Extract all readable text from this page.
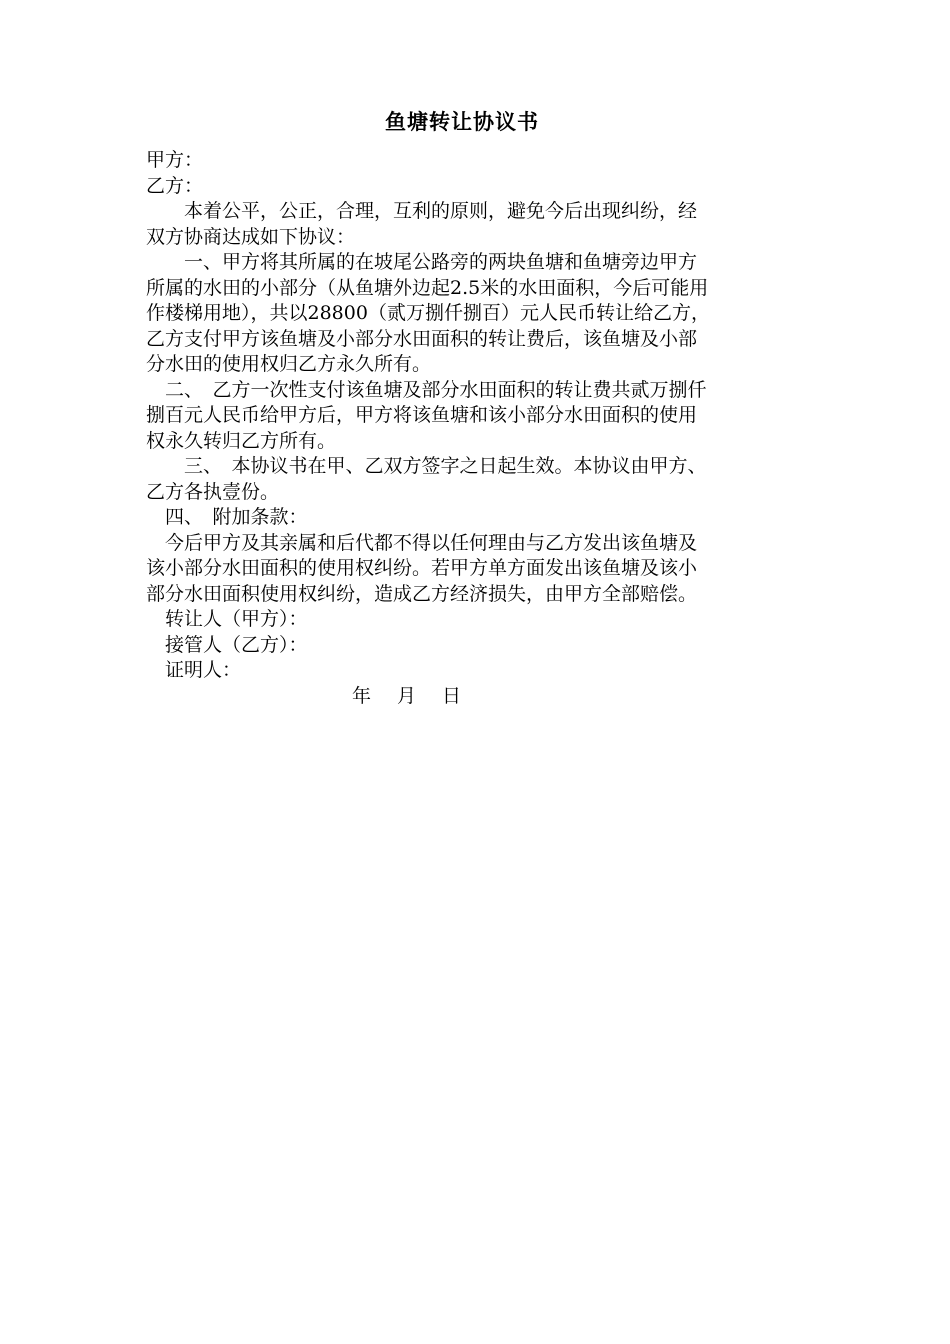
鱼塘转让协议书
甲方：
乙方：
　　本着公平，公正，合理，互利的原则，避免今后出现纠纷，经
双方协商达成如下协议：
　　一、甲方将其所属的在坡尾公路旁的两块鱼塘和鱼塘旁边甲方
所属的水田的小部分（从鱼塘外边起2.5米的水田面积，今后可能用
作楼梯用地），共以28800（贰万捌仟捌百）元人民币转让给乙方，
乙方支付甲方该鱼塘及小部分水田面积的转让费后，该鱼塘及小部
分水田的使用权归乙方永久所有。
　二、　乙方一次性支付该鱼塘及部分水田面积的转让费共贰万捌仟
捌百元人民币给甲方后，甲方将该鱼塘和该小部分水田面积的使用
权永久转归乙方所有。
　　三、　本协议书在甲、乙双方签字之日起生效。本协议由甲方、
乙方各执壹份。
　四、　附加条款：
　今后甲方及其亲属和后代都不得以任何理由与乙方发出该鱼塘及
该小部分水田面积的使用权纠纷。若甲方单方面发出该鱼塘及该小
部分水田面积使用权纠纷，造成乙方经济损失，由甲方全部赔偿。
　转让人（甲方）：
　接管人（乙方）：
　证明人：
年 月 日
